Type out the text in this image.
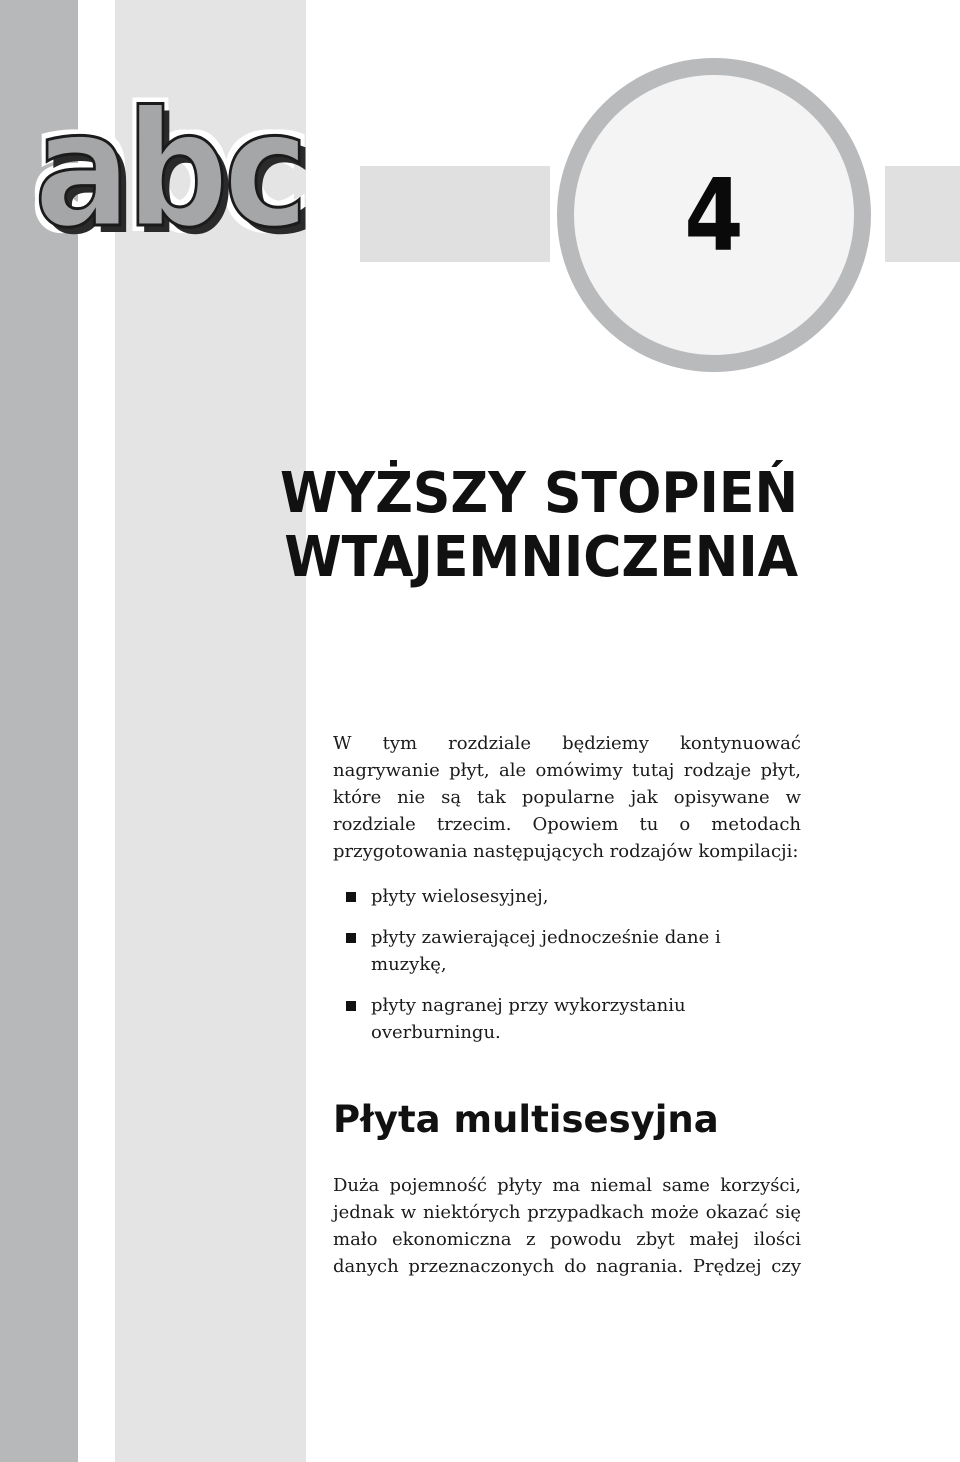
abc	4
WYŻSZY STOPIEŃ
WTAJEMNICZENIA

W tym rozdziale będziemy kontynuować nagrywanie płyt, ale omówimy tutaj rodzaje płyt, które nie są tak popularne jak opisywane w rozdziale trzecim. Opowiem tu o metodach przygotowania następujących rodzajów kompilacji:

płyty wielosesyjnej,
płyty zawierającej jednocześnie dane i muzykę,
płyty nagranej przy wykorzystaniu overburningu.
Płyta multisesyjna

Duża pojemność płyty ma niemal same korzyści, jednak w niektórych przypadkach może okazać się mało ekonomiczna z powodu zbyt małej ilości danych przeznaczonych do nagrania. Prędzej czy
